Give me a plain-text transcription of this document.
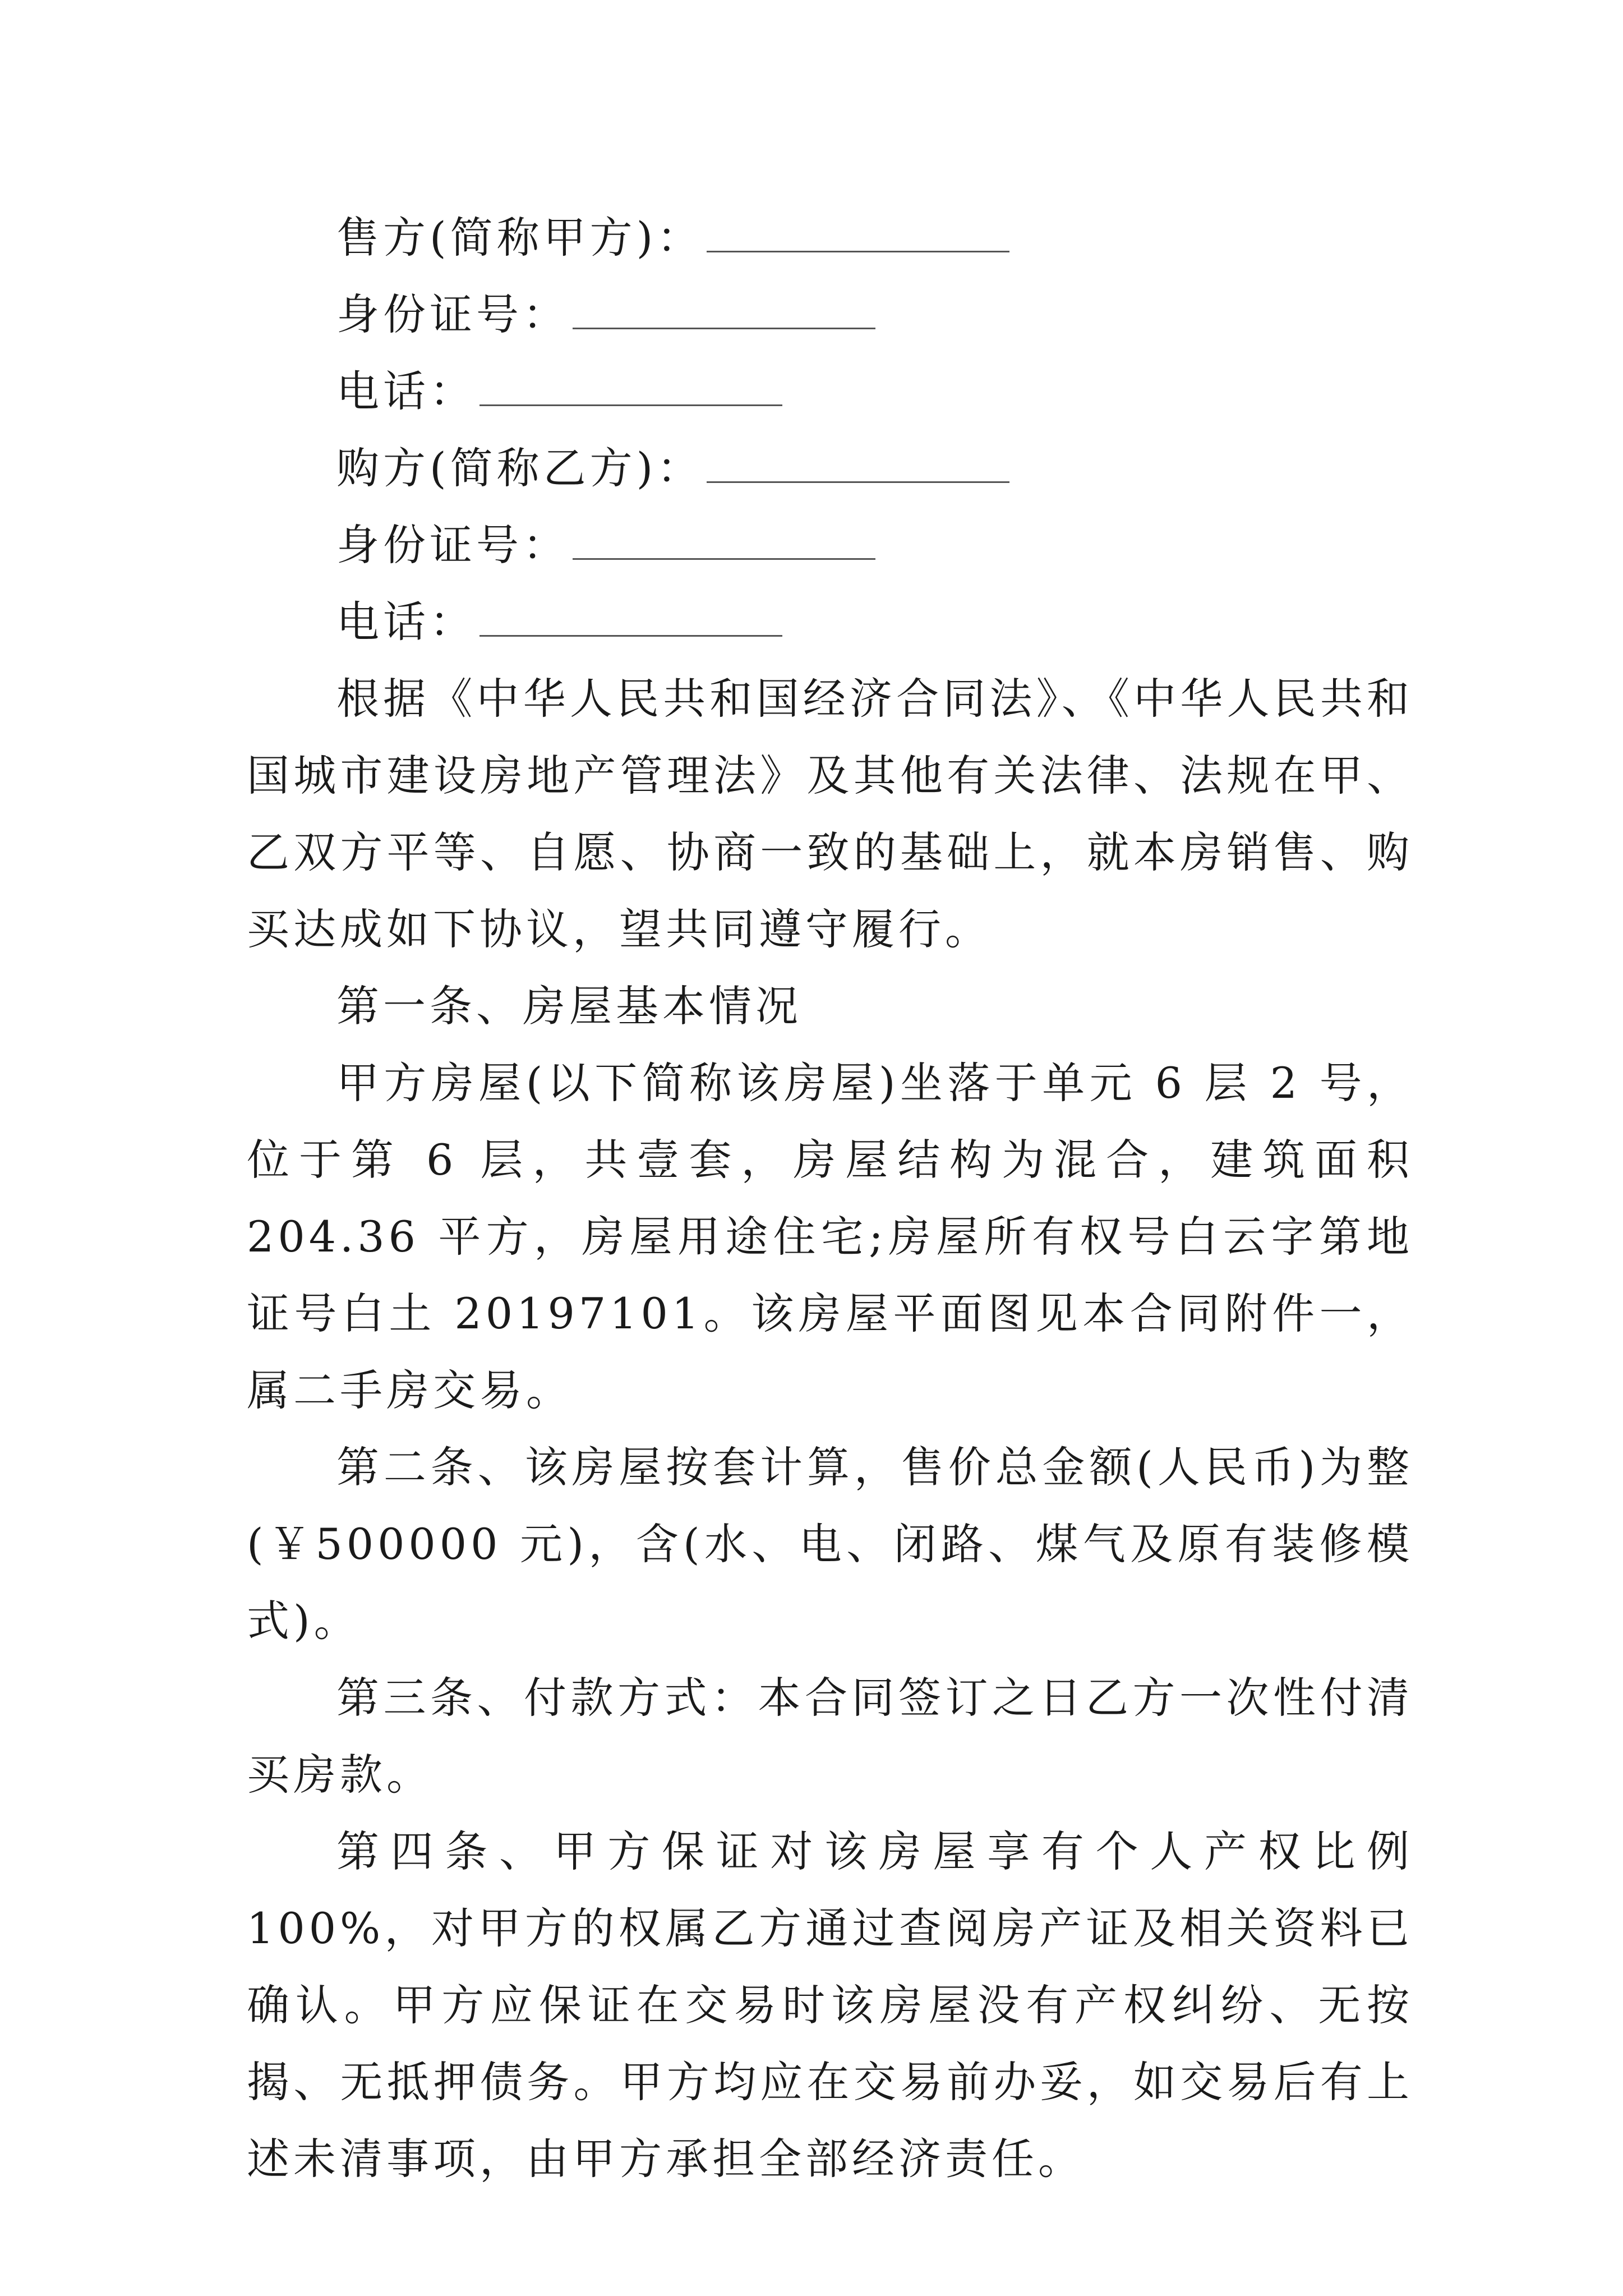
售方(简称甲方)：

身份证号：

电话：

购方(简称乙方)：

身份证号：

电话：

根据《中华人民共和国经济合同法》、《中华人民共和国城市建设房地产管理法》及其他有关法律、法规在甲、乙双方平等、自愿、协商一致的基础上，就本房销售、购买达成如下协议，望共同遵守履行。

第一条、房屋基本情况

甲方房屋(以下简称该房屋)坐落于单元 6 层 2 号，位于第 6 层，共壹套，房屋结构为混合，建筑面积 204.36 平方，房屋用途住宅;房屋所有权号白云字第地证号白土 20197101。该房屋平面图见本合同附件一，属二手房交易。

第二条、该房屋按套计算，售价总金额(人民币)为整(￥500000 元)，含(水、电、闭路、煤气及原有装修模式)。

第三条、付款方式：本合同签订之日乙方一次性付清买房款。

第四条、甲方保证对该房屋享有个人产权比例 100%，对甲方的权属乙方通过查阅房产证及相关资料已确认。甲方应保证在交易时该房屋没有产权纠纷、无按揭、无抵押债务。甲方均应在交易前办妥，如交易后有上述未清事项，由甲方承担全部经济责任。
